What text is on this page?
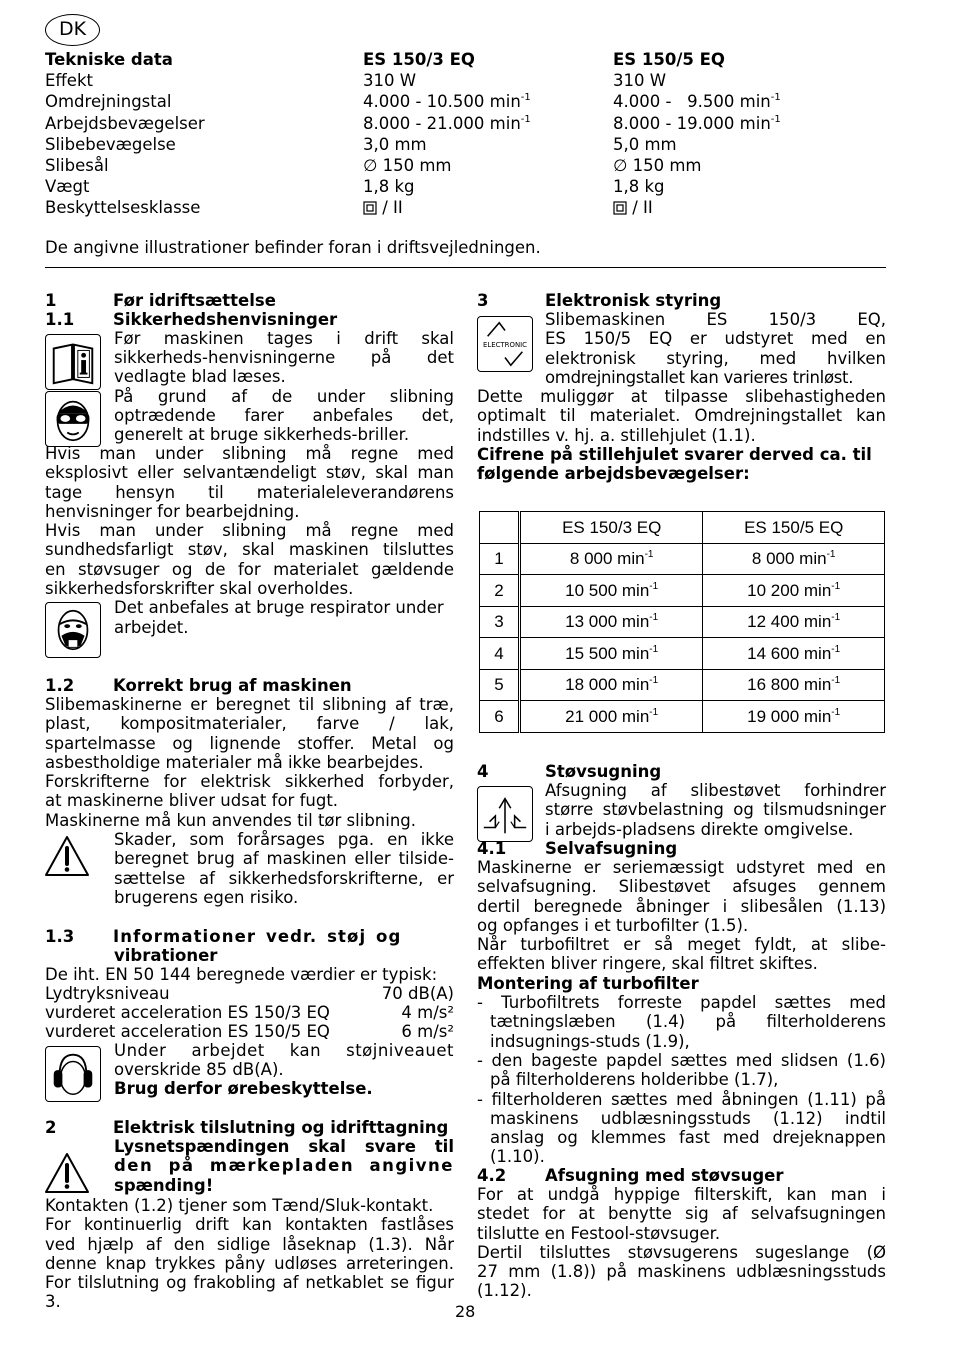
DK
Tekniske data	ES 150/3 EQ	ES 150/5 EQ
Effekt	310 W	310 W
Omdrejningstal	4.000 - 10.500 $\min^{-1}$	4.000 -   9.500 $\min^{-1}$
Arbejdsbevægelser	8.000 - 21.000 $\min^{-1}$	8.000 - 19.000 $\min^{-1}$
Slibebevægelse	3,0 mm	5,0 mm
Slibesål	∅ 150 mm	∅ 150 mm
Vægt	1,8 kg	1,8 kg
Beskyttelsesklasse	/ II	/ II
De angivne illustrationer befinder foran i driftsvejledningen.
1	Før idriftsættelse
1.1 Sikkerhedshenvisninger
Før maskinen tages i drift skal
sikkerheds-henvisningerne på det
vedlagte blad læses.
På grund af de under slibning
optrædende farer anbefales det,
generelt at bruge sikkerheds-briller.
Hvis man under slibning må regne med
eksplosivt eller selvantændeligt støv, skal man
tage hensyn til materialeleverandørens
henvisninger for bearbejdning.
Hvis man under slibning må regne med
sundhedsfarligt støv, skal maskinen tilsluttes
en støvsuger og de for materialet gældende
sikkerhedsforskrifter skal overholdes.
Det anbefales at bruge respirator under
arbejdet.
1.2 Korrekt brug af maskinen
Slibemaskinerne er beregnet til slibning af træ,
plast, kompositmaterialer, farve / lak,
spartelmasse og lignende stoffer. Metal og
asbestholdige materialer må ikke bearbejdes.
Forskrifterne for elektrisk sikkerhed forbyder,
at maskinerne bliver udsat for fugt.
Maskinerne må kun anvendes til tør slibning.
Skader, som forårsages pga. en ikke
beregnet brug af maskinen eller tilside-
sættelse af sikkerhedsforskrifterne, er
brugerens egen risiko.
1.3 Informationer vedr. støj og
vibrationer
De iht. EN 50 144 beregnede værdier er typisk:
Lydtryksniveau	70 dB(A)
vurderet acceleration ES 150/3 EQ	4 m/s²
vurderet acceleration ES 150/5 EQ	6 m/s²
Under arbejdet kan støjniveauet
overskride 85 dB(A).
Brug derfor ørebeskyttelse.
2	Elektrisk tilslutning og idrifttagning
Lysnetspændingen skal svare til
den på mærkepladen angivne
spænding!
Kontakten (1.2) tjener som Tænd/Sluk-kontakt.
For kontinuerlig drift kan kontakten fastlåses
ved hjælp af den sidlige låseknap (1.3). Når
denne knap trykkes påny udløses arreteringen.
For tilslutning og frakobling af netkablet se figur
3.
3	Elektronisk styring
ELECTRONIC
Slibemaskinen ES 150/3 EQ,
ES 150/5 EQ er udstyret med en
elektronisk styring, med hvilken
omdrejningstallet kan varieres trinløst.
Dette muliggør at tilpasse slibehastigheden
optimalt til materialet. Omdrejningstallet kan
indstilles v. hj. a. stillehjulet (1.1).
Cifrene på stillehjulet svarer derved ca. til
følgende arbejdsbevægelser:
	ES 150/3 EQ	ES 150/5 EQ
1	8 000 $\min^{-1}$	8 000 $\min^{-1}$
2	10 500 $\min^{-1}$	10 200 $\min^{-1}$
3	13 000 $\min^{-1}$	12 400 $\min^{-1}$
4	15 500 $\min^{-1}$	14 600 $\min^{-1}$
5	18 000 $\min^{-1}$	16 800 $\min^{-1}$
6	21 000 $\min^{-1}$	19 000 $\min^{-1}$
4	Støvsugning
Afsugning af slibestøvet forhindrer
større støvbelastning og tilsmudsninger
i arbejds-pladsens direkte omgivelse.
4.1 Selvafsugning
Maskinerne er seriemæssigt udstyret med en
selvafsugning. Slibestøvet afsuges gennem
dertil beregnede åbninger i slibesålen (1.13)
og opfanges i et turbofilter (1.5).
Når turbofiltret er så meget fyldt, at slibe-
effekten bliver ringere, skal filtret skiftes.
Montering af turbofilter
- Turbofiltrets forreste papdel sættes med
tætningslæben (1.4) på filterholderens
indsugnings-studs (1.9),
- den bageste papdel sættes med slidsen (1.6)
på filterholderens holderibbe (1.7),
- filterholderen sættes med åbningen (1.11) på
maskinens udblæsningsstuds (1.12) indtil
anslag og klemmes fast med drejeknappen
(1.10).
4.2 Afsugning med støvsuger
For at undgå hyppige filterskift, kan man i
stedet for at benytte sig af selvafsugningen
tilslutte en Festool-støvsuger.
Dertil tilsluttes støvsugerens sugeslange (Ø
27 mm (1.8)) på maskinens udblæsningsstuds
(1.12).
28
